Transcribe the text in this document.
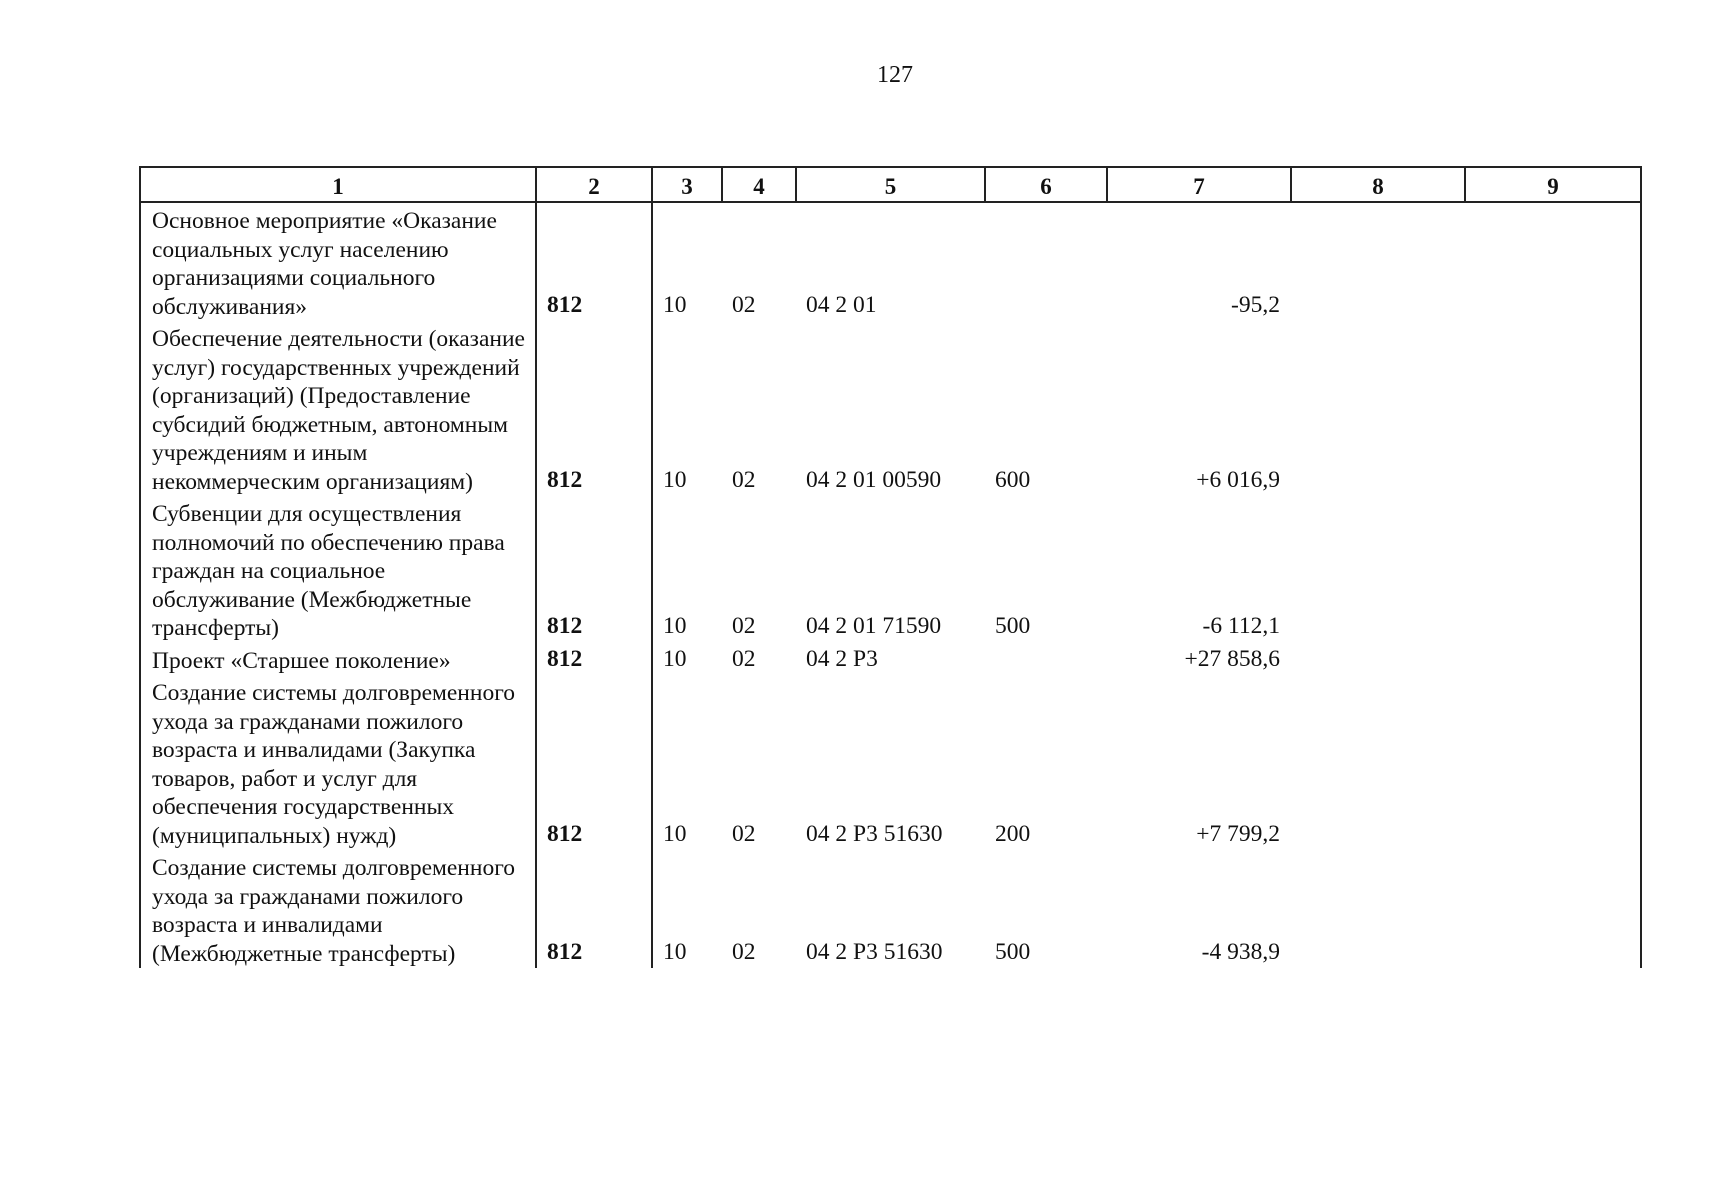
127
1	2	3	4	5	6	7	8	9
Основное мероприятие «Оказание социальных услуг населению организациями социального обслуживания»	812	10	02	04 2 01		-95,2		
Обеспечение деятельности (оказание услуг) государственных учреждений (организаций) (Предоставление субсидий бюджетным, автономным учреждениям и иным некоммерческим организациям)	812	10	02	04 2 01 00590	600	+6 016,9		
Субвенции для осуществления полномочий по обеспечению права граждан на социальное обслуживание (Межбюджетные трансферты)	812	10	02	04 2 01 71590	500	-6 112,1		
Проект «Старшее поколение»	812	10	02	04 2 Р3		+27 858,6		
Создание системы долговременного ухода за гражданами пожилого возраста и инвалидами (Закупка товаров, работ и услуг для обеспечения государственных (муниципальных) нужд)	812	10	02	04 2 Р3 51630	200	+7 799,2		
Создание системы долговременного ухода за гражданами пожилого возраста и инвалидами (Межбюджетные трансферты)	812	10	02	04 2 Р3 51630	500	-4 938,9		
